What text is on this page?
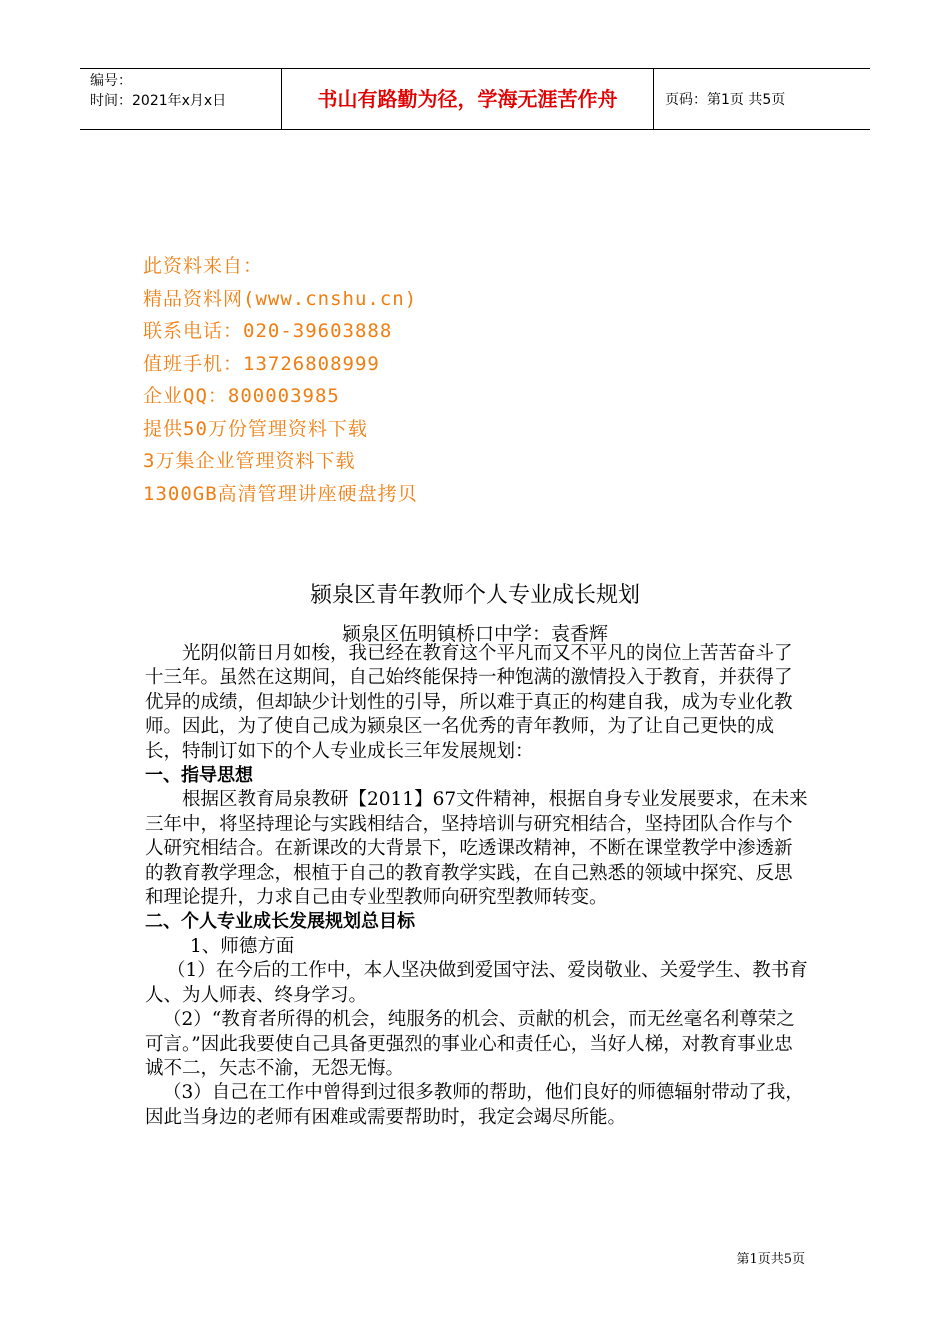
编号：
时间：2021年x月x日	书山有路勤为径，学海无涯苦作舟	页码：第1页 共5页
此资料来自：
精品资料网(www.cnshu.cn)
联系电话：020-39603888
值班手机：13726808999
企业QQ：800003985
提供50万份管理资料下载
3万集企业管理资料下载
1300GB高清管理讲座硬盘拷贝
颍泉区青年教师个人专业成长规划
颍泉区伍明镇桥口中学：袁香辉

光阴似箭日月如梭，我已经在教育这个平凡而又不平凡的岗位上苦苦奋斗了十三年。虽然在这期间，自己始终能保持一种饱满的激情投入于教育，并获得了优异的成绩，但却缺少计划性的引导，所以难于真正的构建自我，成为专业化教师。因此，为了使自己成为颍泉区一名优秀的青年教师，为了让自己更快的成长，特制订如下的个人专业成长三年发展规划：

一、指导思想

根据区教育局泉教研【2011】67文件精神，根据自身专业发展要求，在未来三年中，将坚持理论与实践相结合，坚持培训与研究相结合，坚持团队合作与个人研究相结合。在新课改的大背景下，吃透课改精神，不断在课堂教学中渗透新的教育教学理念，根植于自己的教育教学实践，在自己熟悉的领域中探究、反思和理论提升，力求自己由专业型教师向研究型教师转变。

二、个人专业成长发展规划总目标

1、师德方面

（1）在今后的工作中，本人坚决做到爱国守法、爱岗敬业、关爱学生、教书育人、为人师表、终身学习。

（2）“教育者所得的机会，纯服务的机会、贡献的机会，而无丝毫名利尊荣之可言。”因此我要使自己具备更强烈的事业心和责任心，当好人梯，对教育事业忠诚不二，矢志不渝，无怨无悔。

（3）自己在工作中曾得到过很多教师的帮助，他们良好的师德辐射带动了我，因此当身边的老师有困难或需要帮助时，我定会竭尽所能。

第1页共5页
